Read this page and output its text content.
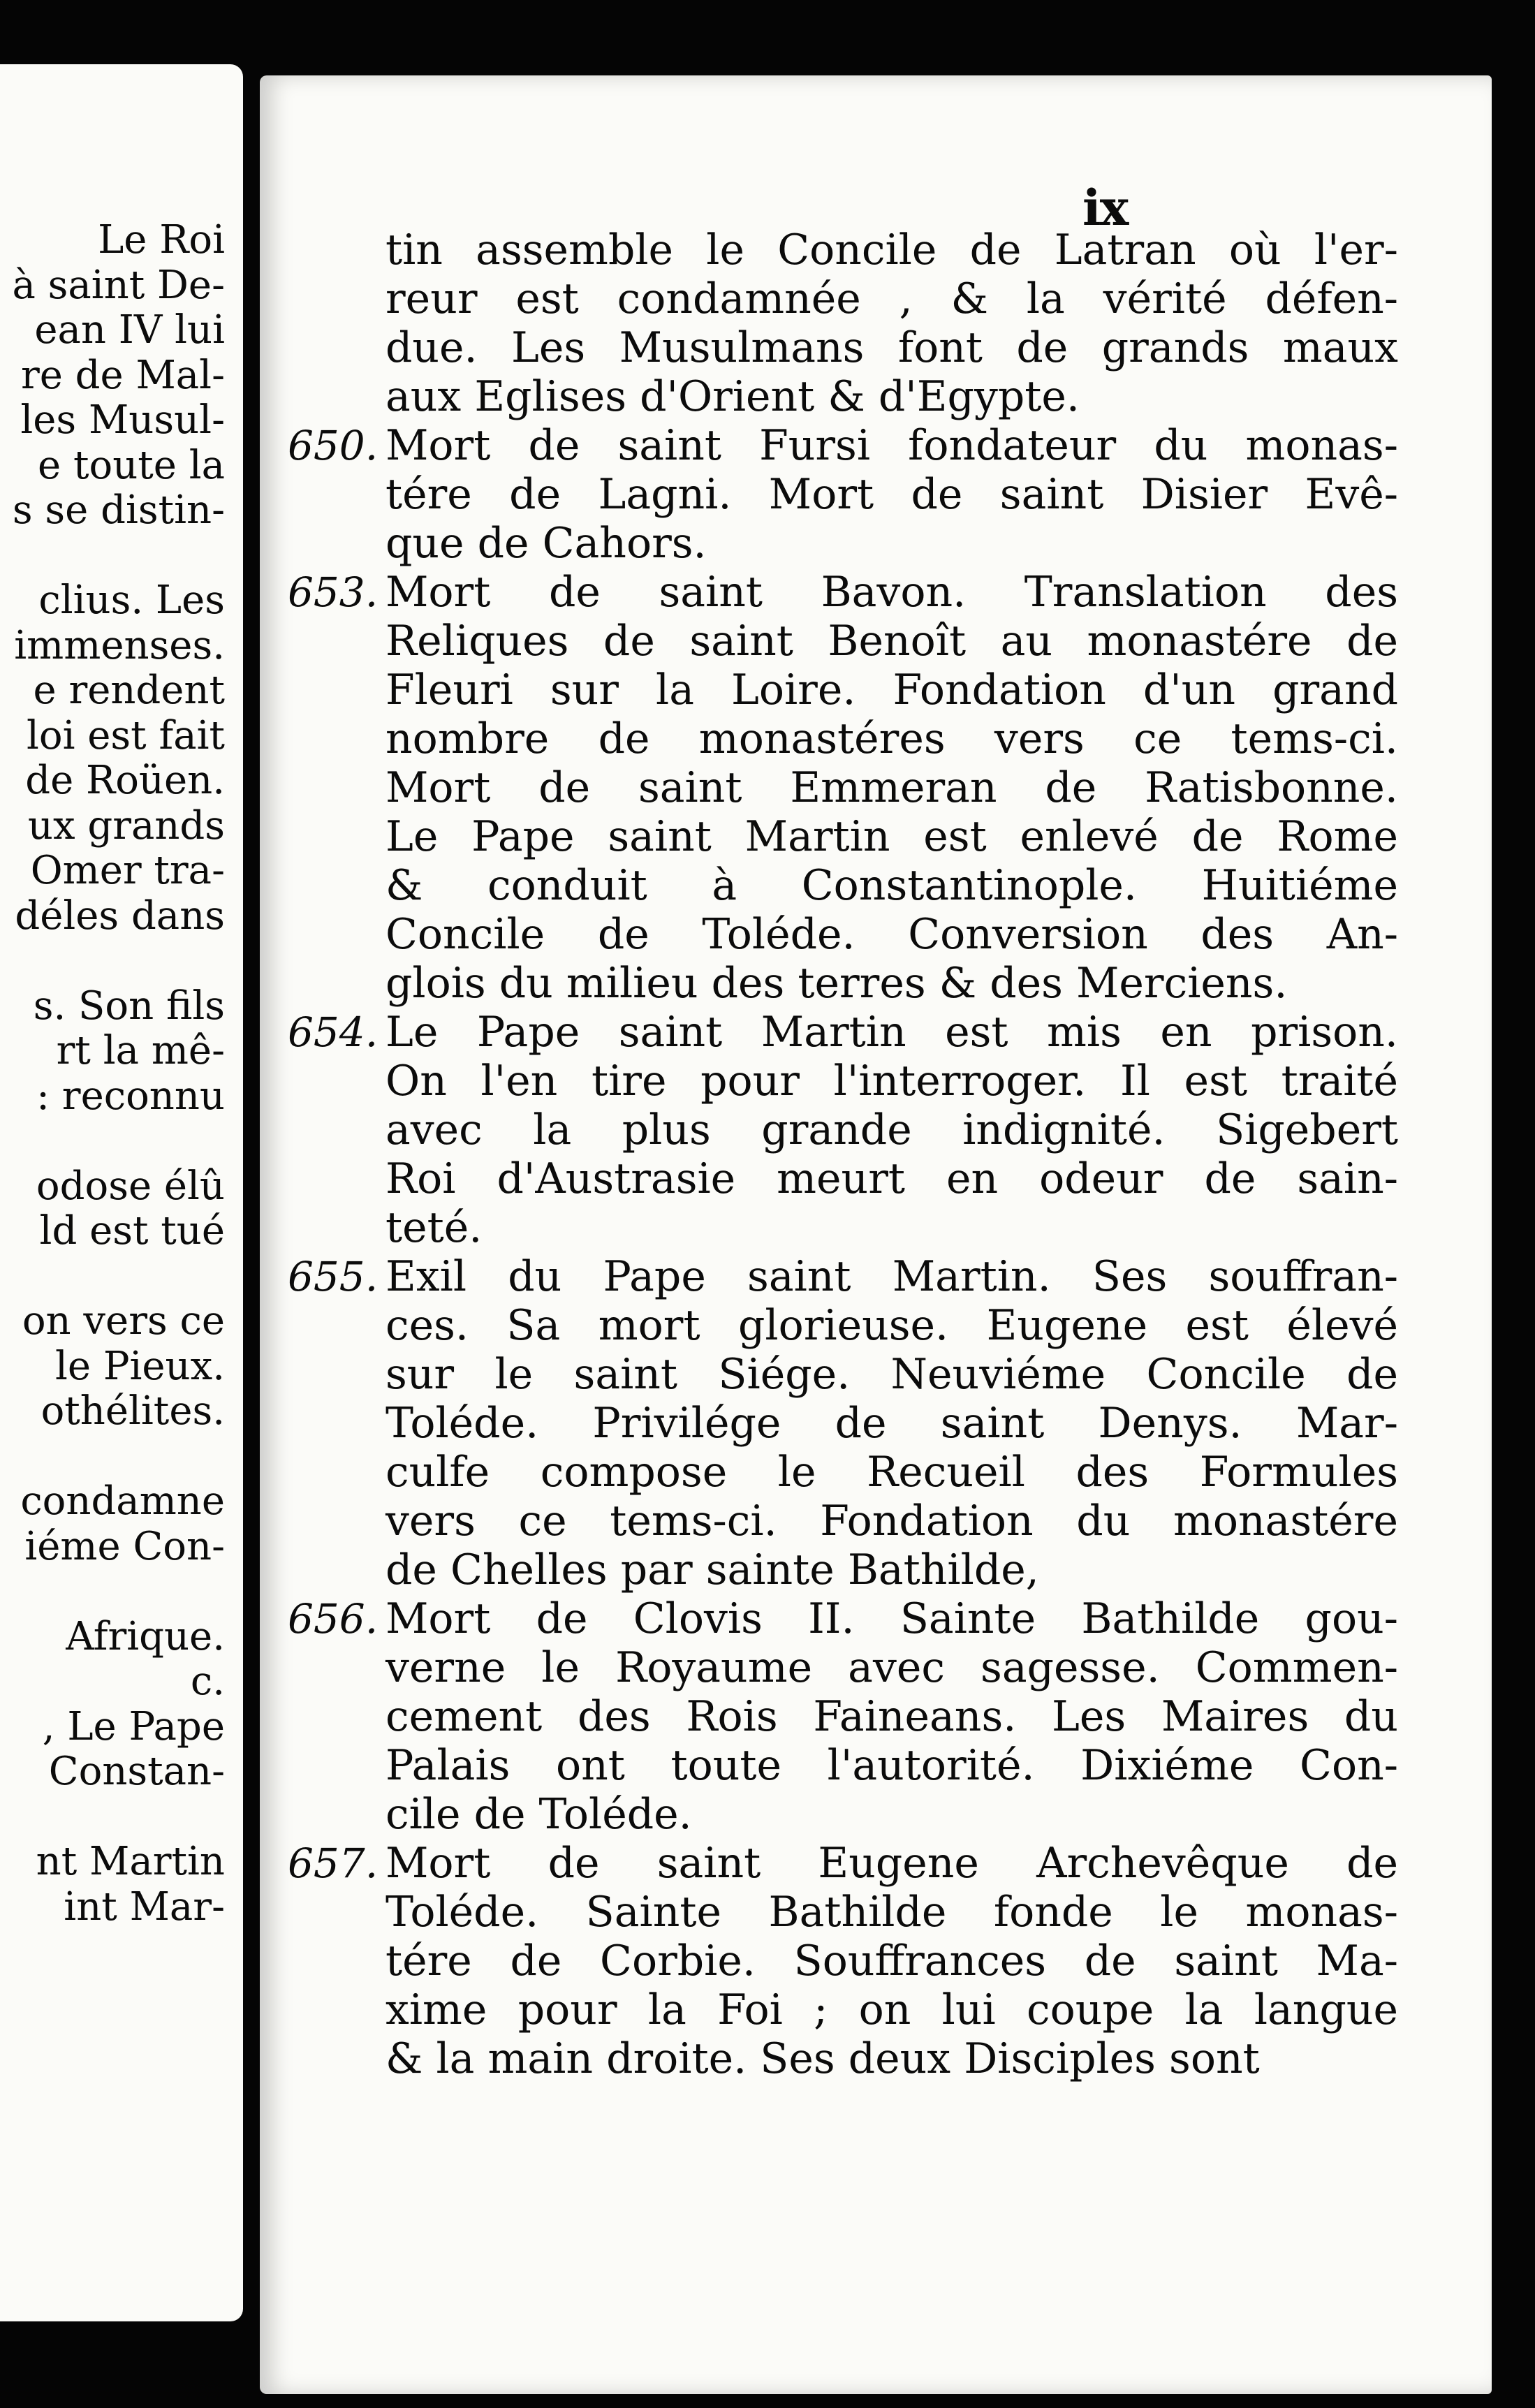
Le Roi
à saint De-
ean IV lui
re de Mal-
les Musul-
e toute la
s se distin-
clius. Les
immenses.
e rendent
loi est fait
de Roüen.
ux grands
Omer tra-
déles dans
s. Son fils
rt la mê-
: reconnu
odose élû
ld est tué
on vers ce
le Pieux.
othélites.
condamne
iéme Con-
Afrique.
c.
, Le Pape
Constan-
nt Martin
int Mar-
ix
tin assemble le Concile de Latran où l'er-
reur est condamnée , & la vérité défen-
due. Les Musulmans font de grands maux
aux Eglises d'Orient & d'Egypte.
650. Mort de saint Fursi fondateur du monas-
tére de Lagni. Mort de saint Disier Evê-
que de Cahors.
653. Mort de saint Bavon. Translation des
Reliques de saint Benoît au monastére de
Fleuri sur la Loire. Fondation d'un grand
nombre de monastéres vers ce tems-ci.
Mort de saint Emmeran de Ratisbonne.
Le Pape saint Martin est enlevé de Rome
& conduit à Constantinople. Huitiéme
Concile de Toléde. Conversion des An-
glois du milieu des terres & des Merciens.
654. Le Pape saint Martin est mis en prison.
On l'en tire pour l'interroger. Il est traité
avec la plus grande indignité. Sigebert
Roi d'Austrasie meurt en odeur de sain-
teté.
655. Exil du Pape saint Martin. Ses souffran-
ces. Sa mort glorieuse. Eugene est élevé
sur le saint Siége. Neuviéme Concile de
Toléde. Privilége de saint Denys. Mar-
culfe compose le Recueil des Formules
vers ce tems-ci. Fondation du monastére
de Chelles par sainte Bathilde,
656. Mort de Clovis II. Sainte Bathilde gou-
verne le Royaume avec sagesse. Commen-
cement des Rois Faineans. Les Maires du
Palais ont toute l'autorité. Dixiéme Con-
cile de Toléde.
657. Mort de saint Eugene Archevêque de
Toléde. Sainte Bathilde fonde le monas-
tére de Corbie. Souffrances de saint Ma-
xime pour la Foi ; on lui coupe la langue
& la main droite. Ses deux Disciples sont
